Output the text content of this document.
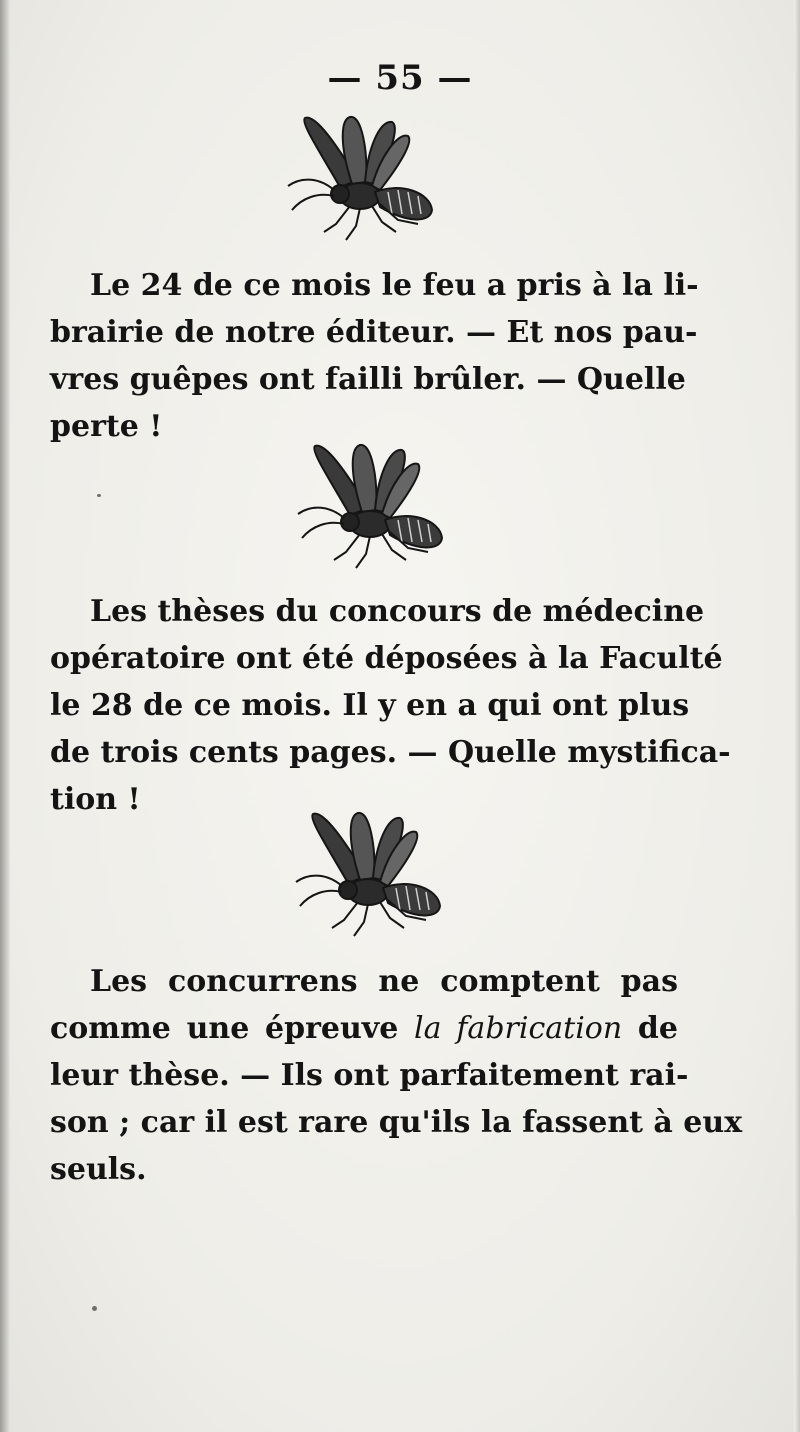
— 55 —
Le 24 de ce mois le feu a pris à la li-
brairie de notre éditeur. — Et nos pau-
vres guêpes ont failli brûler. — Quelle
perte !
Les thèses du concours de médecine
opératoire ont été déposées à la Faculté
le 28 de ce mois. Il y en a qui ont plus
de trois cents pages. — Quelle mystifica-
tion !
Les concurrens ne comptent pas
comme une épreuve la fabrication de
leur thèse. — Ils ont parfaitement rai-
son ; car il est rare qu'ils la fassent à eux
seuls.
